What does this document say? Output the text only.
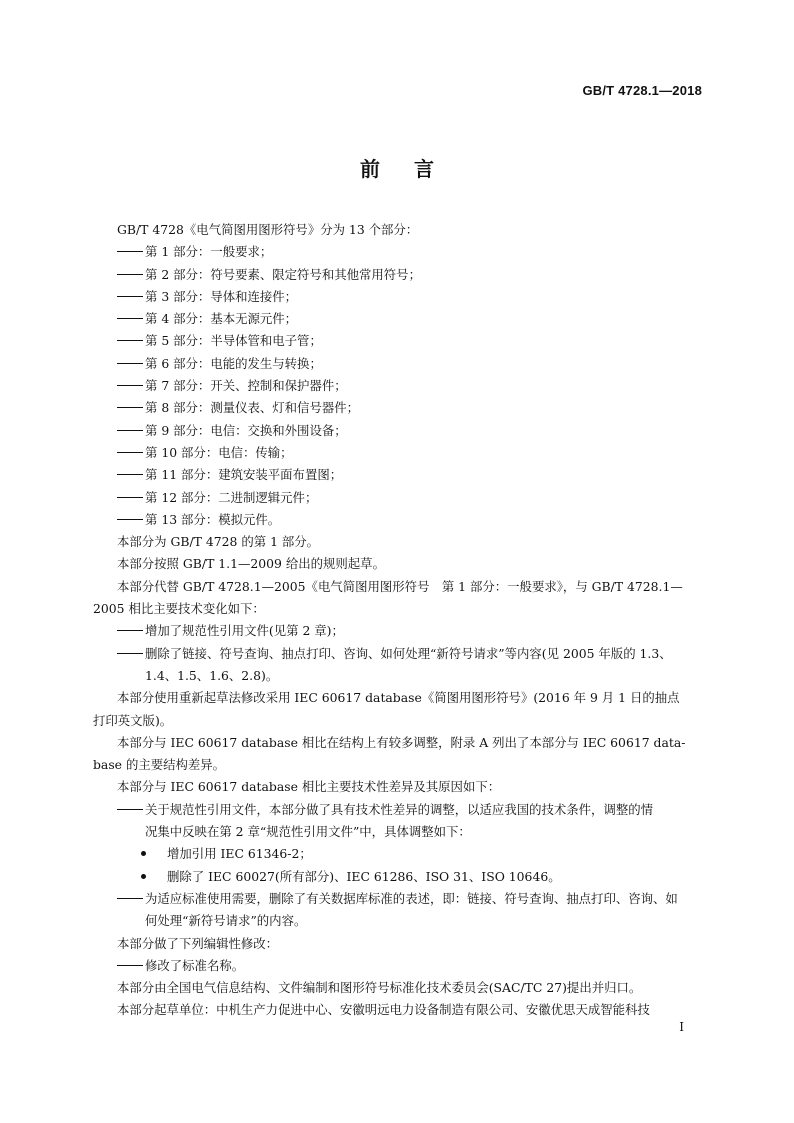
GB/T 4728.1—2018
前言

GB/T 4728《电气简图用图形符号》分为 13 个部分：

第 1 部分：一般要求；
第 2 部分：符号要素、限定符号和其他常用符号；
第 3 部分：导体和连接件；
第 4 部分：基本无源元件；
第 5 部分：半导体管和电子管；
第 6 部分：电能的发生与转换；
第 7 部分：开关、控制和保护器件；
第 8 部分：测量仪表、灯和信号器件；
第 9 部分：电信：交换和外围设备；
第 10 部分：电信：传输；
第 11 部分：建筑安装平面布置图；
第 12 部分：二进制逻辑元件；
第 13 部分：模拟元件。

本部分为 GB/T 4728 的第 1 部分。

本部分按照 GB/T 1.1—2009 给出的规则起草。

本部分代替 GB/T 4728.1—2005《电气简图用图形符号　第 1 部分：一般要求》，与 GB/T 4728.1—
2005 相比主要技术变化如下：
增加了规范性引用文件(见第 2 章)；
删除了链接、符号查询、抽点打印、咨询、如何处理“新符号请求”等内容(见 2005 年版的 1.3、
1.4、1.5、1.6、2.8)。
本部分使用重新起草法修改采用 IEC 60617 database《简图用图形符号》(2016 年 9 月 1 日的抽点
打印英文版)。
本部分与 IEC 60617 database 相比在结构上有较多调整，附录 A 列出了本部分与 IEC 60617 data-
base 的主要结构差异。

本部分与 IEC 60617 database 相比主要技术性差异及其原因如下：

关于规范性引用文件，本部分做了具有技术性差异的调整，以适应我国的技术条件，调整的情
况集中反映在第 2 章“规范性引用文件”中，具体调整如下：
增加引用 IEC 61346-2；
删除了 IEC 60027(所有部分)、IEC 61286、ISO 31、ISO 10646。
为适应标准使用需要，删除了有关数据库标准的表述，即：链接、符号查询、抽点打印、咨询、如
何处理“新符号请求”的内容。

本部分做了下列编辑性修改：

修改了标准名称。

本部分由全国电气信息结构、文件编制和图形符号标准化技术委员会(SAC/TC 27)提出并归口。

本部分起草单位：中机生产力促进中心、安徽明远电力设备制造有限公司、安徽优思天成智能科技

I
